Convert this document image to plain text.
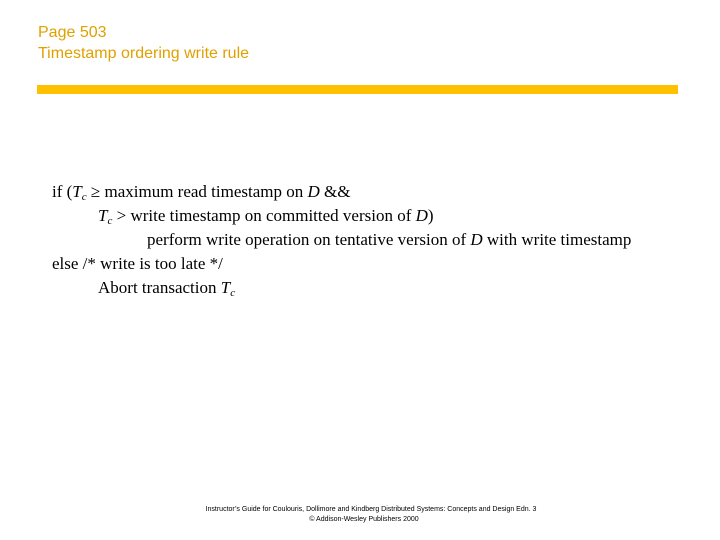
Page 503
Timestamp ordering write rule
if ($T_c$ ≥ maximum read timestamp on D &&
$T_c$ > write timestamp on committed version of D)
perform write operation on tentative version of D with write timestamp
else /* write is too late */
Abort transaction $T_c$
Instructor’s Guide for Coulouris, Dollimore and Kindberg Distributed Systems: Concepts and Design Edn. 3
© Addison-Wesley Publishers 2000
